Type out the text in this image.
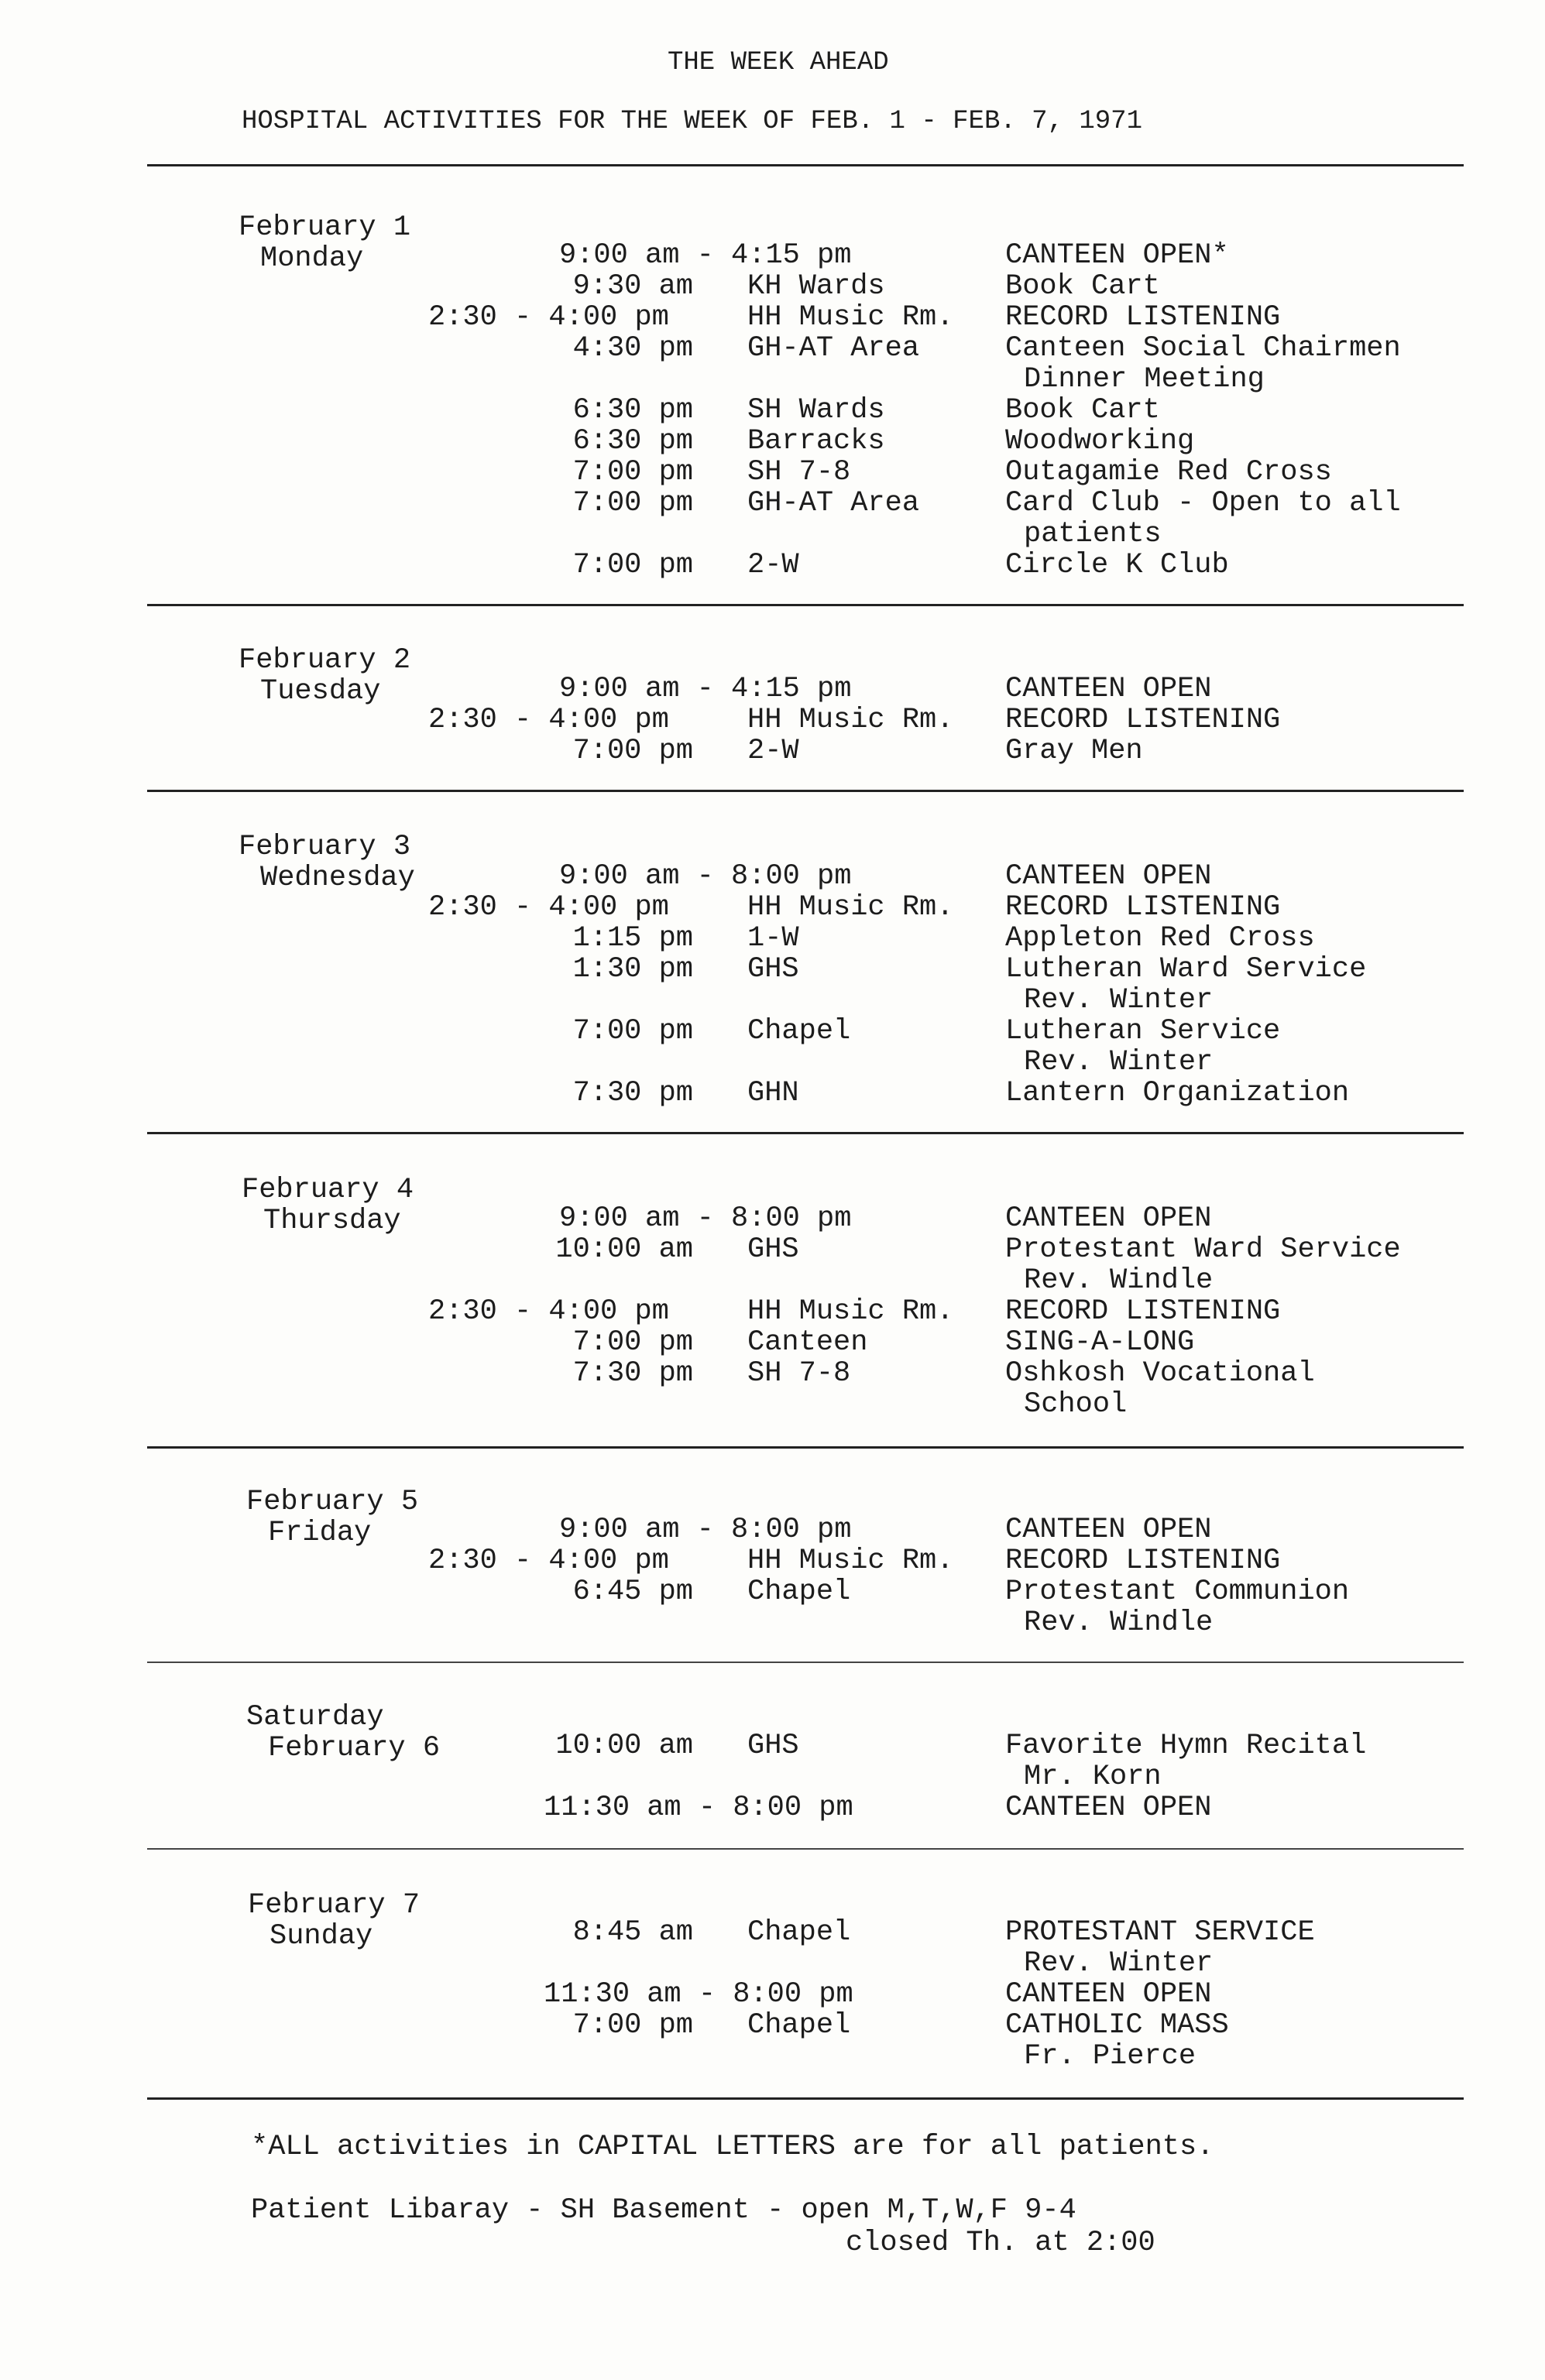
THE WEEK AHEAD
HOSPITAL ACTIVITIES FOR THE WEEK OF FEB. 1 - FEB. 7, 1971
February 1
Monday	9:00 am - 4:15 pm	CANTEEN OPEN*
9:30 am KH Wards	Book Cart
2:30 - 4:00 pm	HH Music Rm. RECORD LISTENING
4:30 pm GH-AT Area	Canteen Social Chairmen
Dinner Meeting
6:30 pm SH Wards	Book Cart
6:30 pm Barracks	Woodworking
7:00 pm SH 7-8	Outagamie Red Cross
7:00 pm GH-AT Area	Card Club - Open to all
patients
7:00 pm 2-W	Circle K Club
February 2
Tuesday	9:00 am - 4:15 pm	CANTEEN OPEN
2:30 - 4:00 pm	HH Music Rm. RECORD LISTENING
7:00 pm 2-W	Gray Men
February 3
Wednesday	9:00 am - 8:00 pm	CANTEEN OPEN
2:30 - 4:00 pm	HH Music Rm. RECORD LISTENING
1:15 pm 1-W	Appleton Red Cross
1:30 pm GHS	Lutheran Ward Service
Rev. Winter
7:00 pm Chapel	Lutheran Service
Rev. Winter
7:30 pm GHN	Lantern Organization
February 4
Thursday	9:00 am - 8:00 pm	CANTEEN OPEN
10:00 am GHS	Protestant Ward Service
Rev. Windle
2:30 - 4:00 pm	HH Music Rm. RECORD LISTENING
7:00 pm Canteen	SING-A-LONG
7:30 pm SH 7-8	Oshkosh Vocational
School
February 5
Friday	9:00 am - 8:00 pm	CANTEEN OPEN
2:30 - 4:00 pm	HH Music Rm. RECORD LISTENING
6:45 pm Chapel	Protestant Communion
Rev. Windle
Saturday
February 6	10:00 am GHS	Favorite Hymn Recital
Mr. Korn
11:30 am - 8:00 pm	CANTEEN OPEN
February 7
Sunday	8:45 am Chapel	PROTESTANT SERVICE
Rev. Winter
11:30 am - 8:00 pm	CANTEEN OPEN
7:00 pm Chapel	CATHOLIC MASS
Fr. Pierce
*ALL activities in CAPITAL LETTERS are for all patients.
Patient Libaray - SH Basement - open M,T,W,F 9-4
closed Th. at 2:00
